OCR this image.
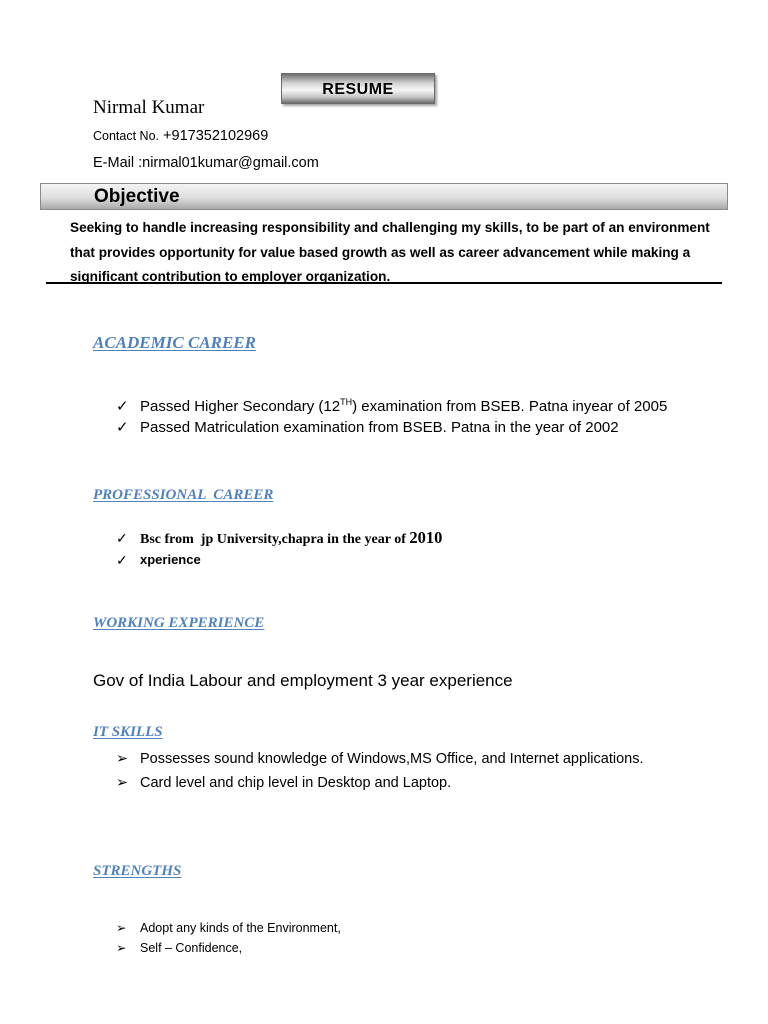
RESUME
Nirmal Kumar
Contact No. +917352102969
E-Mail :nirmal01kumar@gmail.com
Objective
Seeking to handle increasing responsibility and challenging my skills, to be part of an environment that provides opportunity for value based growth as well as career advancement while making a significant contribution to employer organization.
ACADEMIC CAREER
✓ Passed Higher Secondary (12TH) examination from BSEB. Patna inyear of 2005
✓ Passed Matriculation examination from BSEB. Patna in the year of 2002
PROFESSIONAL  CAREER
✓ Bsc from  jp University,chapra in the year of 2010
✓ xperience
WORKING EXPERIENCE
Gov of India Labour and employment 3 year experience
IT SKILLS
➢ Possesses sound knowledge of Windows,MS Office, and Internet applications.
➢ Card level and chip level in Desktop and Laptop.
STRENGTHS
➢ Adopt any kinds of the Environment,
➢ Self – Confidence,
